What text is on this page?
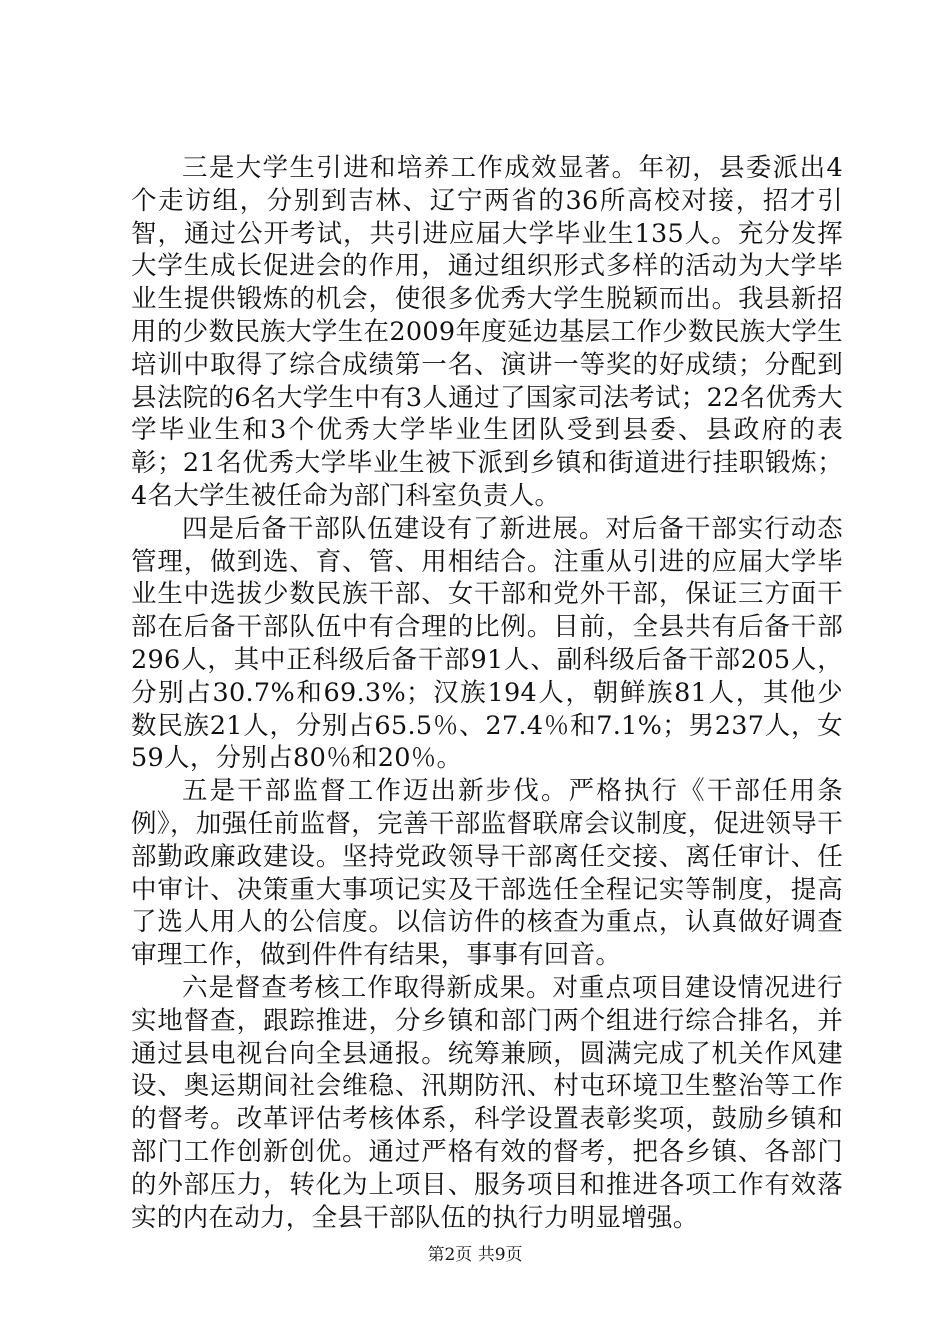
三是大学生引进和培养工作成效显著。年初，县委派出4个走访组，分别到吉林、辽宁两省的36所高校对接，招才引智，通过公开考试，共引进应届大学毕业生135人。充分发挥大学生成长促进会的作用，通过组织形式多样的活动为大学毕业生提供锻炼的机会，使很多优秀大学生脱颖而出。我县新招用的少数民族大学生在2009年度延边基层工作少数民族大学生培训中取得了综合成绩第一名、演讲一等奖的好成绩；分配到县法院的6名大学生中有3人通过了国家司法考试；22名优秀大学毕业生和3个优秀大学毕业生团队受到县委、县政府的表彰；21名优秀大学毕业生被下派到乡镇和街道进行挂职锻炼；4名大学生被任命为部门科室负责人。

四是后备干部队伍建设有了新进展。对后备干部实行动态管理，做到选、育、管、用相结合。注重从引进的应届大学毕业生中选拔少数民族干部、女干部和党外干部，保证三方面干部在后备干部队伍中有合理的比例。目前，全县共有后备干部296人，其中正科级后备干部91人、副科级后备干部205人，分别占30.7%和69.3%；汉族194人，朝鲜族81人，其他少数民族21人，分别占65.5％、27.4％和7.1%；男237人，女59人，分别占80％和20％。

五是干部监督工作迈出新步伐。严格执行《干部任用条例》，加强任前监督，完善干部监督联席会议制度，促进领导干部勤政廉政建设。坚持党政领导干部离任交接、离任审计、任中审计、决策重大事项记实及干部选任全程记实等制度，提高了选人用人的公信度。以信访件的核查为重点，认真做好调查审理工作，做到件件有结果，事事有回音。

六是督查考核工作取得新成果。对重点项目建设情况进行实地督查，跟踪推进，分乡镇和部门两个组进行综合排名，并通过县电视台向全县通报。统筹兼顾，圆满完成了机关作风建设、奥运期间社会维稳、汛期防汛、村屯环境卫生整治等工作的督考。改革评估考核体系，科学设置表彰奖项，鼓励乡镇和部门工作创新创优。通过严格有效的督考，把各乡镇、各部门的外部压力，转化为上项目、服务项目和推进各项工作有效落实的内在动力，全县干部队伍的执行力明显增强。

第2页 共9页
